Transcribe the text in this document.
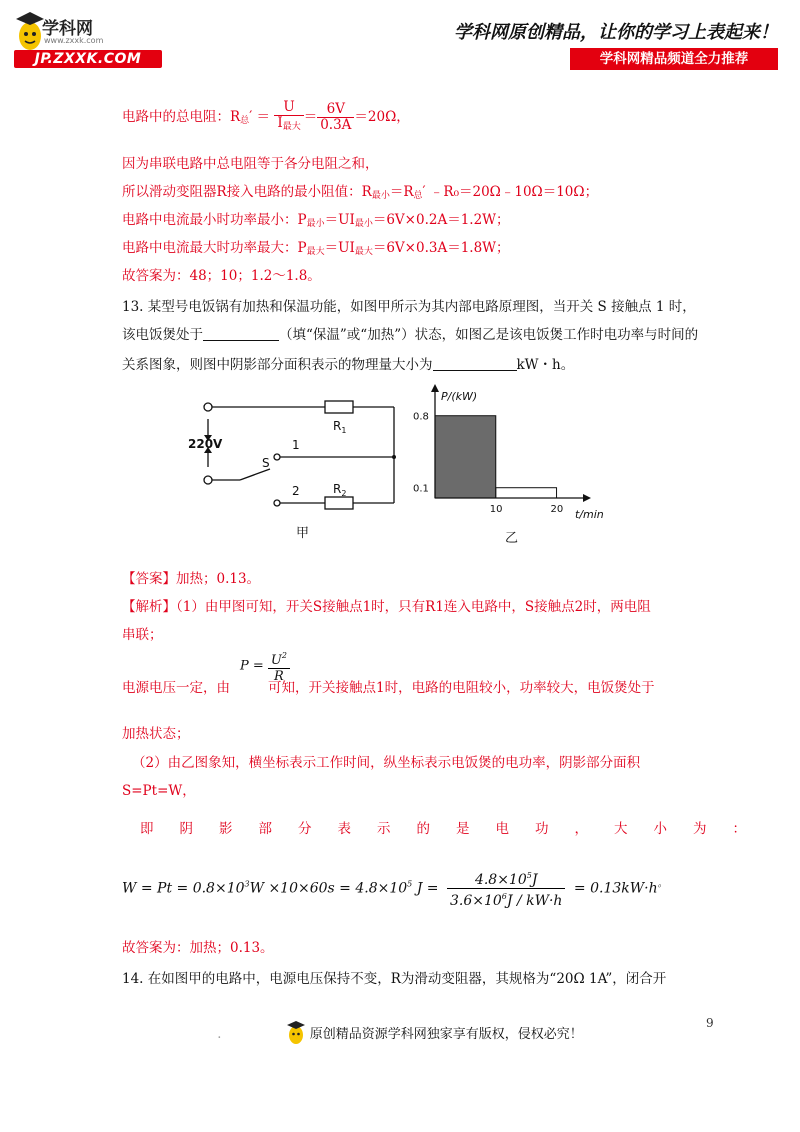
学科网
www.zxxk.com
JP.ZXXK.COM
学科网原创精品，让你的学习上表起来！
学科网精品频道全力推荐
电路中的总电阻：$R_总' = \frac{U}{I_{最大}} = \frac{6V}{0.3A} =20\Omega$，
因为串联电路中总电阻等于各分电阻之和，
所以滑动变阻器R接入电路的最小阻值：$R_{最小}=R_总'$ ﹣R₀＝20Ω﹣10Ω＝10Ω；
电路中电流最小时功率最小：$P_{最小}=UI_{最小}=6V\times 0.2A=1.2W$；
电路中电流最大时功率最大：$P_{最大}=UI_{最大}=6V\times 0.3A=1.8W$；
故答案为：48；10；1.2～1.8。
13. 某型号电饭锅有加热和保温功能，如图甲所示为其内部电路原理图，当开关 S 接触点 1 时，
该电饭煲处于	（填“保温”或“加热”）状态，如图乙是该电饭煲工作时电功率与时间的
关系图象，则图中阴影部分面积表示的物理量大小为	kW・h。
220V
$R_1$
$R_2$
1
2
S
甲
10	20
0.8
0.1
P/(kW)
t/min
乙
【答案】加热；0.13。
【解析】（1）由甲图可知，开关S接触点1时，只有R1连入电路中，S接触点2时，两电阻
串联；
$P = \frac{U^2}{R}$
电源电压一定，由	可知，开关接触点1时，电路的电阻较小，功率较大，电饭煲处于
加热状态；
（2）由乙图象知，横坐标表示工作时间，纵坐标表示电饭煲的电功率，阴影部分面积
S=Pt=W，
即阴影部分表示的是电功，大小为：
$W = Pt = 0.8\times 10^3W \times 10\times 60s = 4.8\times 10^5$ $J = \frac{4.8\times 10^5J}{3.6\times 10^6J / kW\cdot h} = 0.13kW\cdot h^。$
故答案为：加热；0.13。
14. 在如图甲的电路中，电源电压保持不变，R为滑动变阻器，其规格为“20Ω 1A”，闭合开
9
.	原创精品资源学科网独家享有版权，侵权必究！
